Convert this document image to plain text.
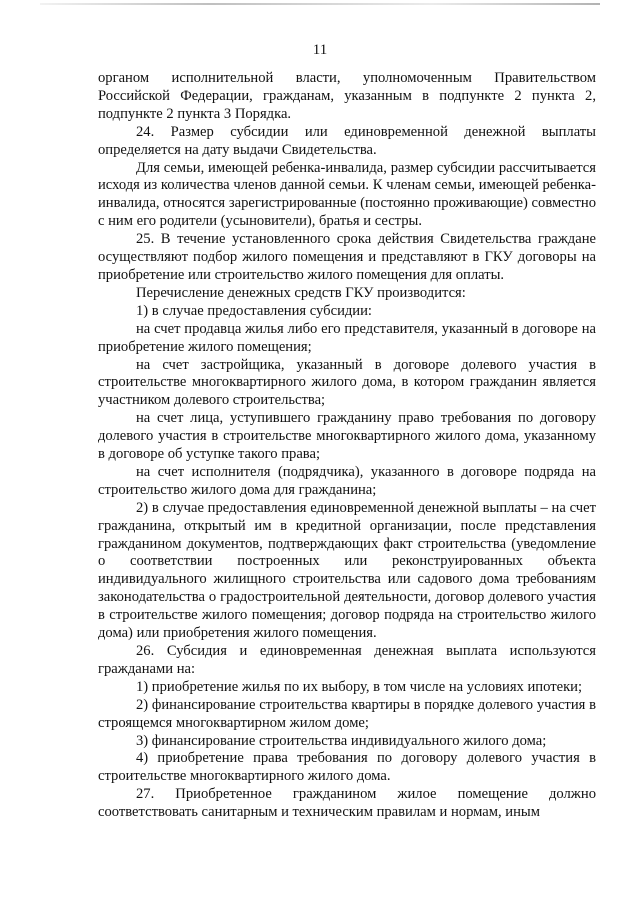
11

органом исполнительной власти, уполномоченным Правительством Российской Федерации, гражданам, указанным в подпункте 2 пункта 2, подпункте 2 пункта 3 Порядка.

24. Размер субсидии или единовременной денежной выплаты определяется на дату выдачи Свидетельства.

Для семьи, имеющей ребенка-инвалида, размер субсидии рассчитывается исходя из количества членов данной семьи. К членам семьи, имеющей ребенка-инвалида, относятся зарегистрированные (постоянно проживающие) совместно с ним его родители (усыновители), братья и сестры.

25. В течение установленного срока действия Свидетельства граждане осуществляют подбор жилого помещения и представляют в ГКУ договоры на приобретение или строительство жилого помещения для оплаты.

Перечисление денежных средств ГКУ производится:

1) в случае предоставления субсидии:

на счет продавца жилья либо его представителя, указанный в договоре на приобретение жилого помещения;

на счет застройщика, указанный в договоре долевого участия в строительстве многоквартирного жилого дома, в котором гражданин является участником долевого строительства;

на счет лица, уступившего гражданину право требования по договору долевого участия в строительстве многоквартирного жилого дома, указанному в договоре об уступке такого права;

на счет исполнителя (подрядчика), указанного в договоре подряда на строительство жилого дома для гражданина;

2) в случае предоставления единовременной денежной выплаты – на счет гражданина, открытый им в кредитной организации, после представления гражданином документов, подтверждающих факт строительства (уведомление о соответствии построенных или реконструированных объекта индивидуального жилищного строительства или садового дома требованиям законодательства о градостроительной деятельности, договор долевого участия в строительстве жилого помещения; договор подряда на строительство жилого дома) или приобретения жилого помещения.

26. Субсидия и единовременная денежная выплата используются гражданами на:

1) приобретение жилья по их выбору, в том числе на условиях ипотеки;

2) финансирование строительства квартиры в порядке долевого участия в строящемся многоквартирном жилом доме;

3) финансирование строительства индивидуального жилого дома;

4) приобретение права требования по договору долевого участия в строительстве многоквартирного жилого дома.

27. Приобретенное гражданином жилое помещение должно соответствовать санитарным и техническим правилам и нормам, иным
